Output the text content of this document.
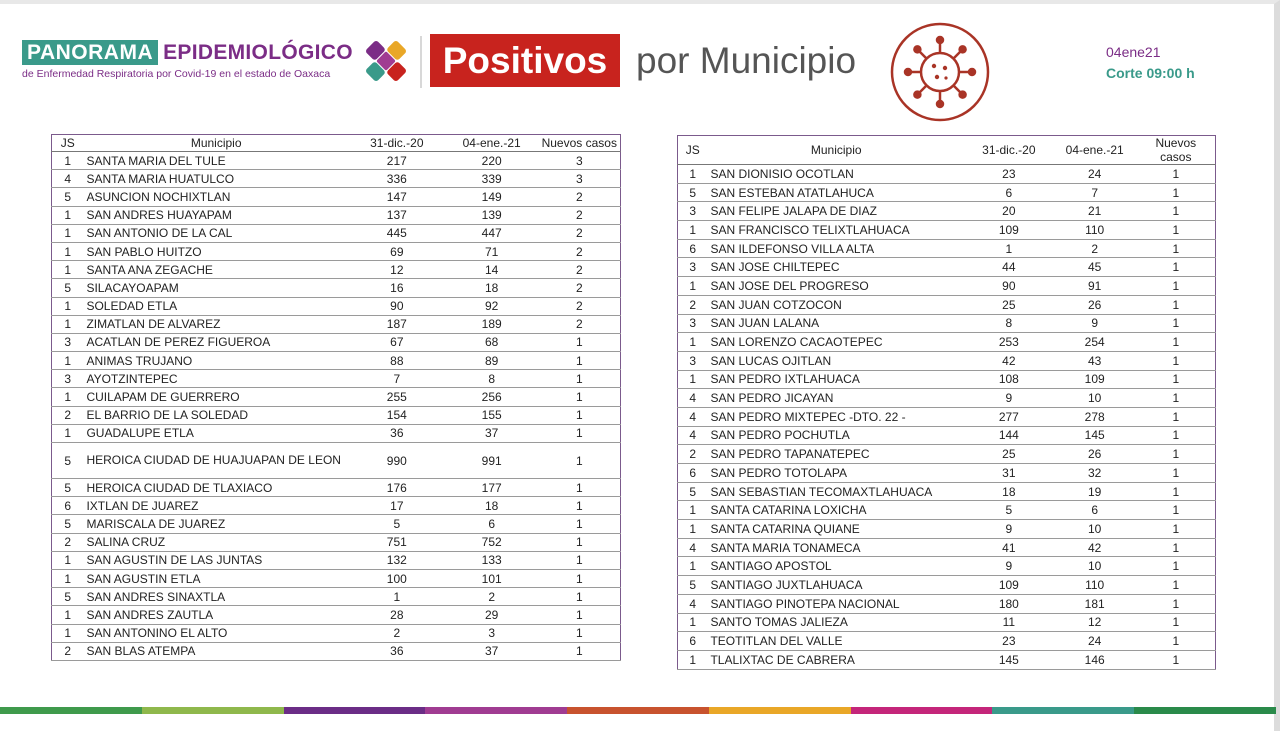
PANORAMA EPIDEMIOLÓGICO
de Enfermedad Respiratoria por Covid-19 en el estado de Oaxaca	Positivos por Municipio	04ene21
Corte 09:00 h
JS	Municipio	31-dic.-20	04-ene.-21	Nuevos casos
1	SANTA MARIA DEL TULE	217	220	3
4	SANTA MARIA HUATULCO	336	339	3
5	ASUNCION NOCHIXTLAN	147	149	2
1	SAN ANDRES HUAYAPAM	137	139	2
1	SAN ANTONIO DE LA CAL	445	447	2
1	SAN PABLO HUITZO	69	71	2
1	SANTA ANA ZEGACHE	12	14	2
5	SILACAYOAPAM	16	18	2
1	SOLEDAD ETLA	90	92	2
1	ZIMATLAN DE ALVAREZ	187	189	2
3	ACATLAN DE PEREZ FIGUEROA	67	68	1
1	ANIMAS TRUJANO	88	89	1
3	AYOTZINTEPEC	7	8	1
1	CUILAPAM DE GUERRERO	255	256	1
2	EL BARRIO DE LA SOLEDAD	154	155	1
1	GUADALUPE ETLA	36	37	1
5	HEROICA CIUDAD DE HUAJUAPAN DE LEON	990	991	1
5	HEROICA CIUDAD DE TLAXIACO	176	177	1
6	IXTLAN DE JUAREZ	17	18	1
5	MARISCALA DE JUAREZ	5	6	1
2	SALINA CRUZ	751	752	1
1	SAN AGUSTIN DE LAS JUNTAS	132	133	1
1	SAN AGUSTIN ETLA	100	101	1
5	SAN ANDRES SINAXTLA	1	2	1
1	SAN ANDRES ZAUTLA	28	29	1
1	SAN ANTONINO EL ALTO	2	3	1
2	SAN BLAS ATEMPA	36	37	1
JS	Municipio	31-dic.-20	04-ene.-21	Nuevos casos
1	SAN DIONISIO OCOTLAN	23	24	1
5	SAN ESTEBAN ATATLAHUCA	6	7	1
3	SAN FELIPE JALAPA DE DIAZ	20	21	1
1	SAN FRANCISCO TELIXTLAHUACA	109	110	1
6	SAN ILDEFONSO VILLA ALTA	1	2	1
3	SAN JOSE CHILTEPEC	44	45	1
1	SAN JOSE DEL PROGRESO	90	91	1
2	SAN JUAN COTZOCON	25	26	1
3	SAN JUAN LALANA	8	9	1
1	SAN LORENZO CACAOTEPEC	253	254	1
3	SAN LUCAS OJITLAN	42	43	1
1	SAN PEDRO IXTLAHUACA	108	109	1
4	SAN PEDRO JICAYAN	9	10	1
4	SAN PEDRO MIXTEPEC -DTO. 22 -	277	278	1
4	SAN PEDRO POCHUTLA	144	145	1
2	SAN PEDRO TAPANATEPEC	25	26	1
6	SAN PEDRO TOTOLAPA	31	32	1
5	SAN SEBASTIAN TECOMAXTLAHUACA	18	19	1
1	SANTA CATARINA LOXICHA	5	6	1
1	SANTA CATARINA QUIANE	9	10	1
4	SANTA MARIA TONAMECA	41	42	1
1	SANTIAGO APOSTOL	9	10	1
5	SANTIAGO JUXTLAHUACA	109	110	1
4	SANTIAGO PINOTEPA NACIONAL	180	181	1
1	SANTO TOMAS JALIEZA	11	12	1
6	TEOTITLAN DEL VALLE	23	24	1
1	TLALIXTAC DE CABRERA	145	146	1
